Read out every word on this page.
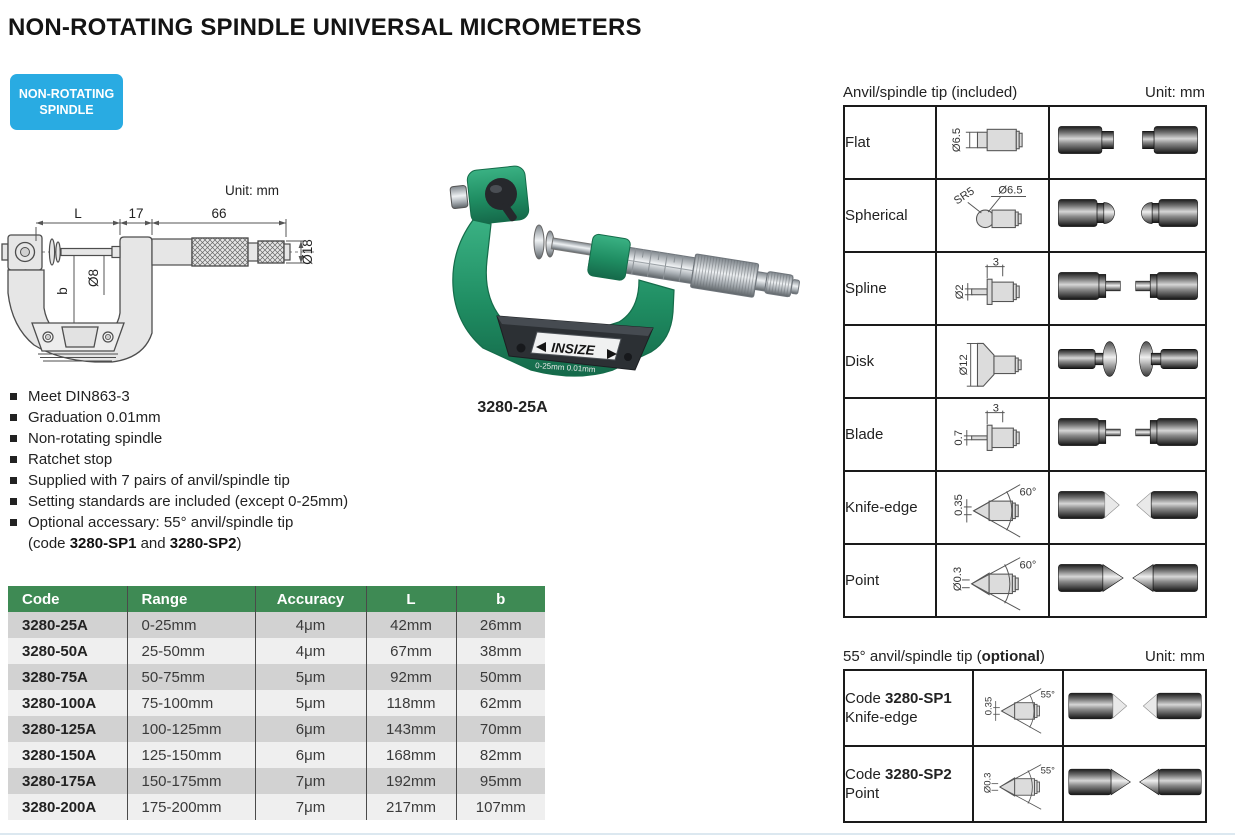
NON-ROTATING SPINDLE UNIVERSAL MICROMETERS
NON-ROTATING
SPINDLE
Unit: mm
L	17	66
Ø8
Ø18
b
INSIZE
0-25mm 0.01mm
3280-25A
Meet DIN863-3
Graduation 0.01mm
Non-rotating spindle
Ratchet stop
Supplied with 7 pairs of anvil/spindle tip
Setting standards are included (except 0-25mm)
Optional accessary: 55° anvil/spindle tip
(code 3280-SP1 and 3280-SP2)
Code	Range	Accuracy	L	b
3280-25A	0-25mm	4μm	42mm	26mm
3280-50A	25-50mm	4μm	67mm	38mm
3280-75A	50-75mm	5μm	92mm	50mm
3280-100A	75-100mm	5μm	118mm	62mm
3280-125A	100-125mm	6μm	143mm	70mm
3280-150A	125-150mm	6μm	168mm	82mm
3280-175A	150-175mm	7μm	192mm	95mm
3280-200A	175-200mm	7μm	217mm	107mm
Anvil/spindle tip (included)	Unit: mm
Flat	Ø6.5

Spherical	SR5 Ø6.5

Spline	3
Ø2

Disk	Ø12

Blade	3
0.7

Knife-edge	0.35
60°

Point	Ø0.3
60°

55° anvil/spindle tip (optional)	Unit: mm
Code 3280-SP1
Knife-edge	0.35
55°

Code 3280-SP2
Point	Ø0.3
55°
